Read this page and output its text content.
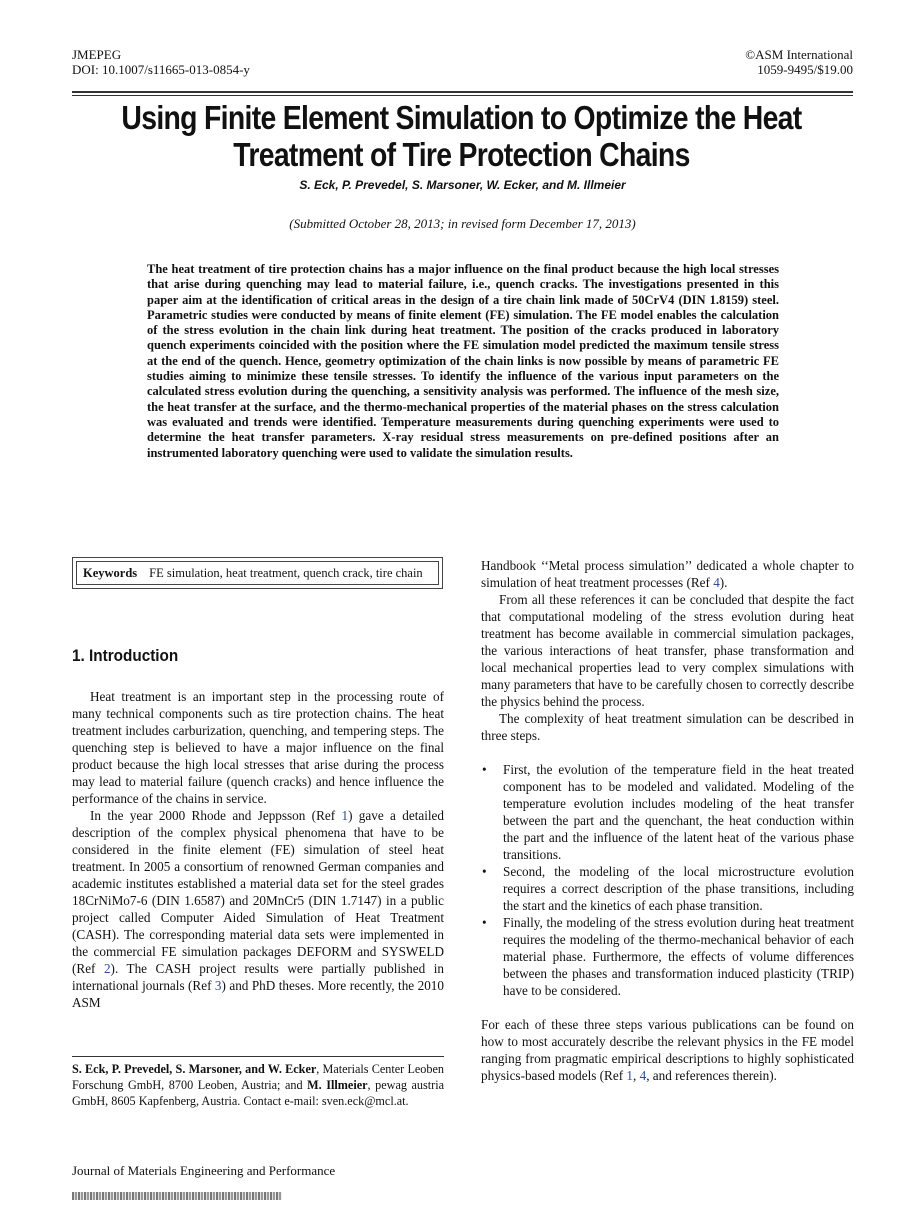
JMEPEG
DOI: 10.1007/s11665-013-0854-y
©ASM International
1059-9495/$19.00
Using Finite Element Simulation to Optimize the Heat
Treatment of Tire Protection Chains
S. Eck, P. Prevedel, S. Marsoner, W. Ecker, and M. Illmeier
(Submitted October 28, 2013; in revised form December 17, 2013)
The heat treatment of tire protection chains has a major influence on the final product because the high local stresses that arise during quenching may lead to material failure, i.e., quench cracks. The investigations presented in this paper aim at the identification of critical areas in the design of a tire chain link made of 50CrV4 (DIN 1.8159) steel. Parametric studies were conducted by means of finite element (FE) simulation. The FE model enables the calculation of the stress evolution in the chain link during heat treatment. The position of the cracks produced in laboratory quench experiments coincided with the position where the FE simulation model predicted the maximum tensile stress at the end of the quench. Hence, geometry optimization of the chain links is now possible by means of parametric FE studies aiming to minimize these tensile stresses. To identify the influence of the various input parameters on the calculated stress evolution during the quenching, a sensitivity analysis was performed. The influence of the mesh size, the heat transfer at the surface, and the thermo-mechanical properties of the material phases on the stress calculation was evaluated and trends were identified. Temperature measurements during quenching experiments were used to determine the heat transfer parameters. X-ray residual stress measurements on pre-defined positions after an instrumented laboratory quenching were used to validate the simulation results.
Keywords FE simulation, heat treatment, quench crack, tire chain
1. Introduction

Heat treatment is an important step in the processing route of many technical components such as tire protection chains. The heat treatment includes carburization, quenching, and tempering steps. The quenching step is believed to have a major influence on the final product because the high local stresses that arise during the process may lead to material failure (quench cracks) and hence influence the performance of the chains in service.

In the year 2000 Rhode and Jeppsson (Ref 1) gave a detailed description of the complex physical phenomena that have to be considered in the finite element (FE) simulation of steel heat treatment. In 2005 a consortium of renowned German companies and academic institutes established a material data set for the steel grades 18CrNiMo7-6 (DIN 1.6587) and 20MnCr5 (DIN 1.7147) in a public project called Computer Aided Simulation of Heat Treatment (CASH). The corresponding material data sets were implemented in the commercial FE simulation packages DEFORM and SYSWELD (Ref 2). The CASH project results were partially published in international journals (Ref 3) and PhD theses. More recently, the 2010 ASM

S. Eck, P. Prevedel, S. Marsoner, and W. Ecker, Materials Center Leoben Forschung GmbH, 8700 Leoben, Austria; and M. Illmeier, pewag austria GmbH, 8605 Kapfenberg, Austria. Contact e-mail: sven.eck@mcl.at.

Handbook ‘‘Metal process simulation’’ dedicated a whole chapter to simulation of heat treatment processes (Ref 4).

From all these references it can be concluded that despite the fact that computational modeling of the stress evolution during heat treatment has become available in commercial simulation packages, the various interactions of heat transfer, phase transformation and local mechanical properties lead to very complex simulations with many parameters that have to be carefully chosen to correctly describe the physics behind the process.

The complexity of heat treatment simulation can be described in three steps.

• First, the evolution of the temperature field in the heat treated component has to be modeled and validated. Modeling of the temperature evolution includes modeling of the heat transfer between the part and the quenchant, the heat conduction within the part and the influence of the latent heat of the various phase transitions.
• Second, the modeling of the local microstructure evolution requires a correct description of the phase transitions, including the start and the kinetics of each phase transition.
• Finally, the modeling of the stress evolution during heat treatment requires the modeling of the thermo-mechanical behavior of each material phase. Furthermore, the effects of volume differences between the phases and transformation induced plasticity (TRIP) have to be considered.

For each of these three steps various publications can be found on how to most accurately describe the relevant physics in the FE model ranging from pragmatic empirical descriptions to highly sophisticated physics-based models (Ref 1, 4, and references therein).

Journal of Materials Engineering and Performance
